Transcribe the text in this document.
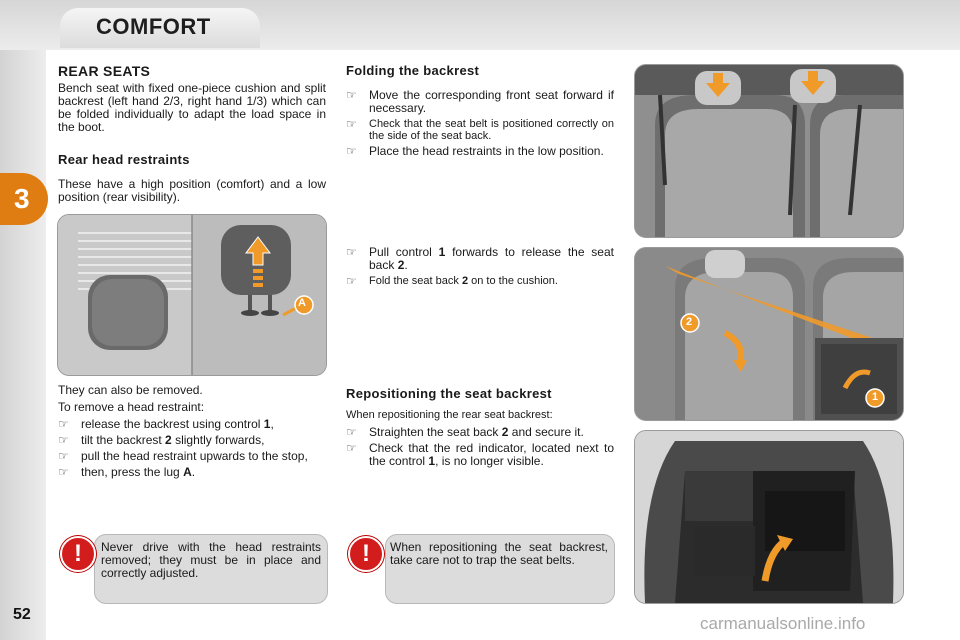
COMFORT
3
52	carmanualsonline.info
REAR SEATS
Bench seat with fixed one-piece cushion and split backrest (left hand 2/3, right hand 1/3) which can be folded individually to adapt the load space in the boot.
Rear head restraints
These have a high position (comfort) and a low position (rear visibility).
A
They can also be removed.
To remove a head restraint:
☞ release the backrest using control 1,
☞ tilt the backrest 2 slightly forwards,
☞ pull the head restraint upwards to the stop,
☞ then, press the lug A.
!	Never drive with the head restraints removed; they must be in place and correctly adjusted.
Folding the backrest
☞ Move the corresponding front seat forward if necessary.
☞ Check that the seat belt is positioned correctly on the side of the seat back.
☞ Place the head restraints in the low position.
☞ Pull control 1 forwards to release the seat back 2.
☞ Fold the seat back 2 on to the cushion.
Repositioning the seat backrest
When repositioning the rear seat backrest:
☞ Straighten the seat back 2 and secure it.
☞ Check that the red indicator, located next to the control 1, is no longer visible.
!	When repositioning the seat backrest, take care not to trap the seat belts.
2
1
